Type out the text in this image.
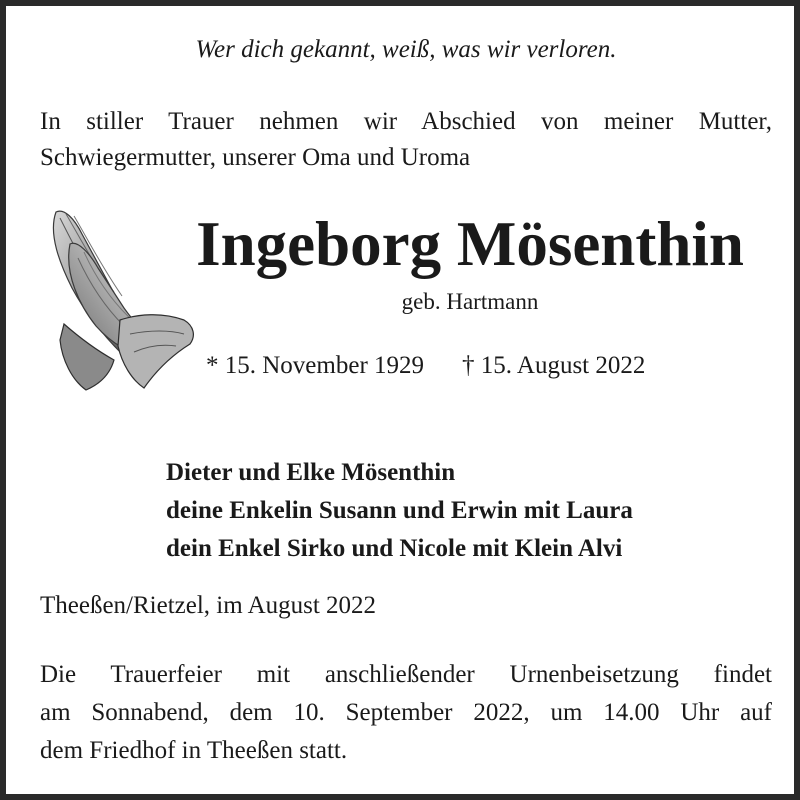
Wer dich gekannt, weiß, was wir verloren.
In stiller Trauer nehmen wir Abschied von meiner Mutter,
Schwiegermutter, unserer Oma und Uroma
Ingeborg Mösenthin
geb. Hartmann
* 15. November 1929 † 15. August 2022
Dieter und Elke Mösenthin
deine Enkelin Susann und Erwin mit Laura
dein Enkel Sirko und Nicole mit Klein Alvi
Theeßen/Rietzel, im August 2022
Die Trauerfeier mit anschließender Urnenbeisetzung findet
am Sonnabend, dem 10. September 2022, um 14.00 Uhr auf
dem Friedhof in Theeßen statt.
